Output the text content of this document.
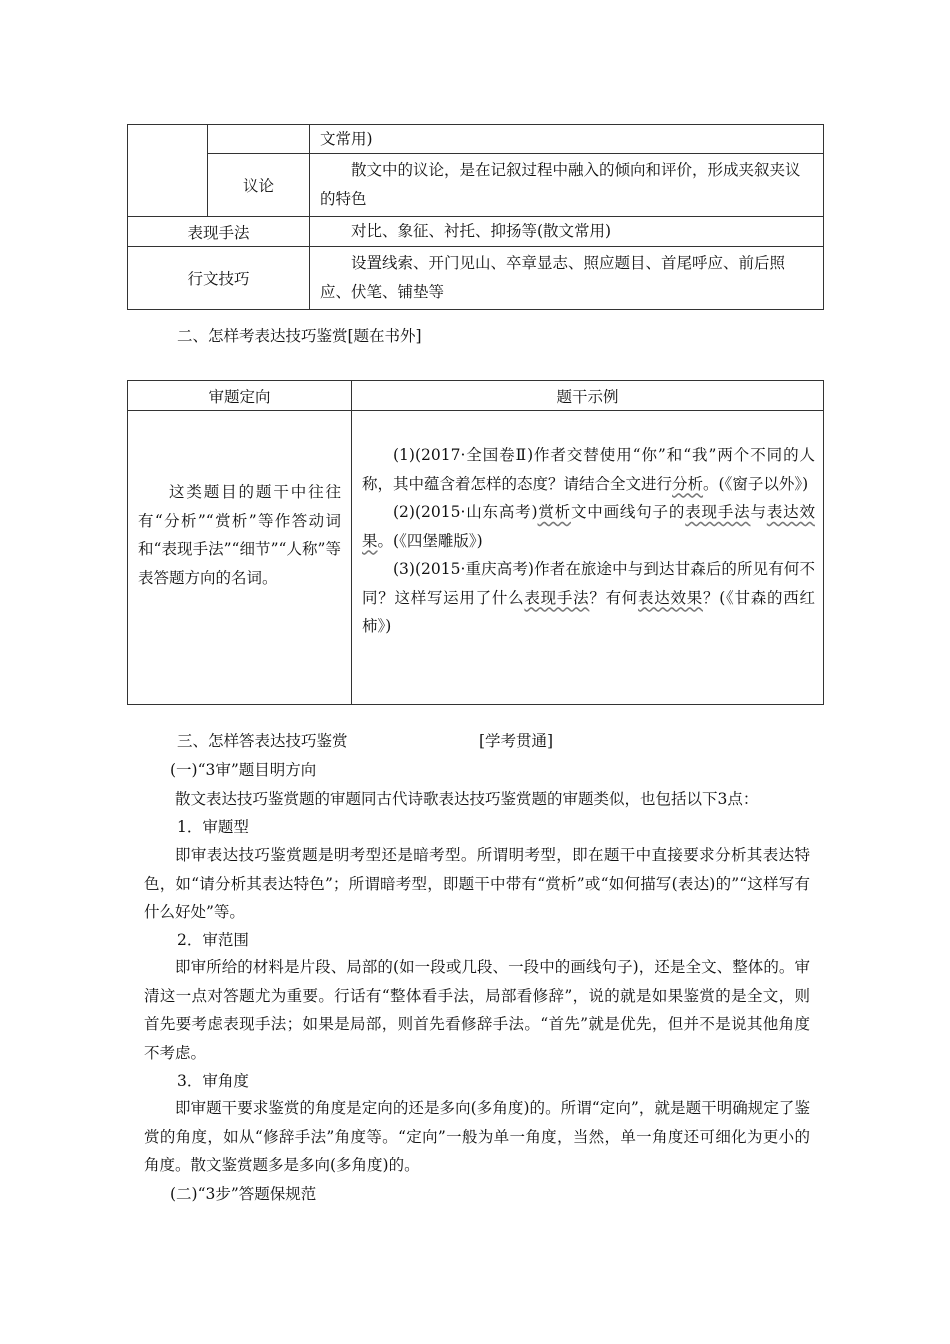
		文常用)
	议论	散文中的议论，是在记叙过程中融入的倾向和评价，形成夹叙夹议的特色
表现手法		对比、象征、衬托、抑扬等(散文常用)
行文技巧		设置线索、开门见山、卒章显志、照应题目、首尾呼应、前后照应、伏笔、铺垫等
二、怎样考表达技巧鉴赏[题在书外]
审题定向	题干示例
这类题目的题干中往往有“分析”“赏析”等作答动词和“表现手法”“细节”“人称”等表答题方向的名词。	(1)(2017·全国卷Ⅱ)作者交替使用“你”和“我”两个不同的人称，其中蕴含着怎样的态度？请结合全文进行分析。(《窗子以外》)
(2)(2015·山东高考)赏析文中画线句子的表现手法与表达效果。(《四堡雕版》)
(3)(2015·重庆高考)作者在旅途中与到达甘森后的所见有何不同？这样写运用了什么表现手法？有何表达效果？(《甘森的西红柿》)
三、怎样答表达技巧鉴赏	[学考贯通]
(一)“3审”题目明方向
散文表达技巧鉴赏题的审题同古代诗歌表达技巧鉴赏题的审题类似，也包括以下3点：
1．审题型
即审表达技巧鉴赏题是明考型还是暗考型。所谓明考型，即在题干中直接要求分析其表达特色，如“请分析其表达特色”；所谓暗考型，即题干中带有“赏析”或“如何描写(表达)的”“这样写有什么好处”等。
2．审范围
即审所给的材料是片段、局部的(如一段或几段、一段中的画线句子)，还是全文、整体的。审清这一点对答题尤为重要。行话有“整体看手法，局部看修辞”，说的就是如果鉴赏的是全文，则首先要考虑表现手法；如果是局部，则首先看修辞手法。“首先”就是优先，但并不是说其他角度不考虑。
3．审角度
即审题干要求鉴赏的角度是定向的还是多向(多角度)的。所谓“定向”，就是题干明确规定了鉴赏的角度，如从“修辞手法”角度等。“定向”一般为单一角度，当然，单一角度还可细化为更小的角度。散文鉴赏题多是多向(多角度)的。
(二)“3步”答题保规范
